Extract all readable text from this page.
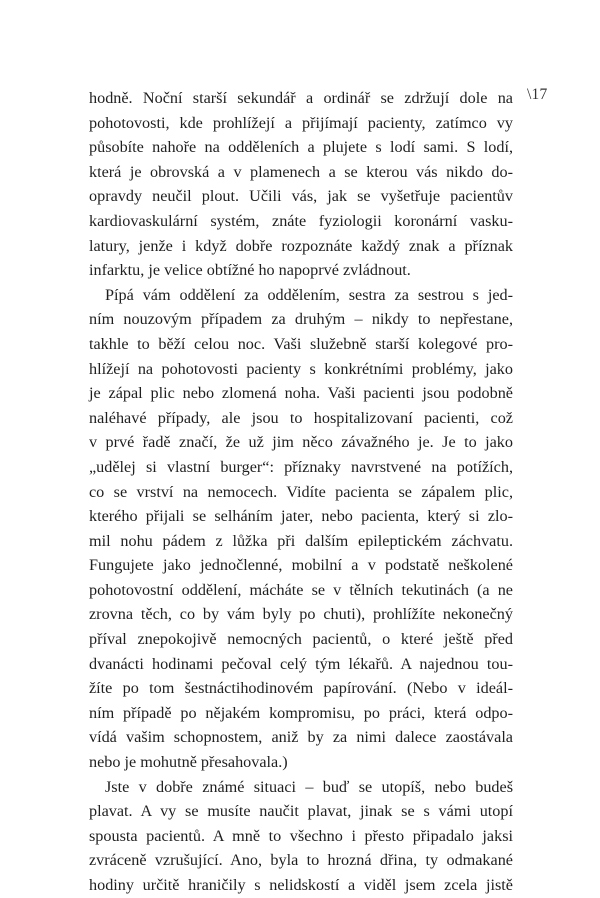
\17
hodně. Noční starší sekundář a ordinář se zdržují dole na
pohotovosti, kde prohlížejí a přijímají pacienty, zatímco vy
působíte nahoře na odděleních a plujete s lodí sami. S lodí,
která je obrovská a v plamenech a se kterou vás nikdo do-
opravdy neučil plout. Učili vás, jak se vyšetřuje pacientův
kardiovaskulární systém, znáte fyziologii koronární vasku-
latury, jenže i když dobře rozpoznáte každý znak a příznak
infarktu, je velice obtížné ho napoprvé zvládnout.
Pípá vám oddělení za oddělením, sestra za sestrou s jed-
ním nouzovým případem za druhým – nikdy to nepřestane,
takhle to běží celou noc. Vaši služebně starší kolegové pro-
hlížejí na pohotovosti pacienty s konkrétními problémy, jako
je zápal plic nebo zlomená noha. Vaši pacienti jsou podobně
naléhavé případy, ale jsou to hospitalizovaní pacienti, což
v prvé řadě značí, že už jim něco závažného je. Je to jako
„udělej si vlastní burger“: příznaky navrstvené na potížích,
co se vrství na nemocech. Vidíte pacienta se zápalem plic,
kterého přijali se selháním jater, nebo pacienta, který si zlo-
mil nohu pádem z lůžka při dalším epileptickém záchvatu.
Fungujete jako jednočlenné, mobilní a v podstatě neškolené
pohotovostní oddělení, mácháte se v tělních tekutinách (a ne
zrovna těch, co by vám byly po chuti), prohlížíte nekonečný
příval znepokojivě nemocných pacientů, o které ještě před
dvanácti hodinami pečoval celý tým lékařů. A najednou tou-
žíte po tom šestnáctihodinovém papírování. (Nebo v ideál-
ním případě po nějakém kompromisu, po práci, která odpo-
vídá vašim schopnostem, aniž by za nimi dalece zaostávala
nebo je mohutně přesahovala.)
Jste v dobře známé situaci – buď se utopíš, nebo budeš
plavat. A vy se musíte naučit plavat, jinak se s vámi utopí
spousta pacientů. A mně to všechno i přesto připadalo jaksi
zvráceně vzrušující. Ano, byla to hrozná dřina, ty odmakané
hodiny určitě hraničily s nelidskostí a viděl jsem zcela jistě
